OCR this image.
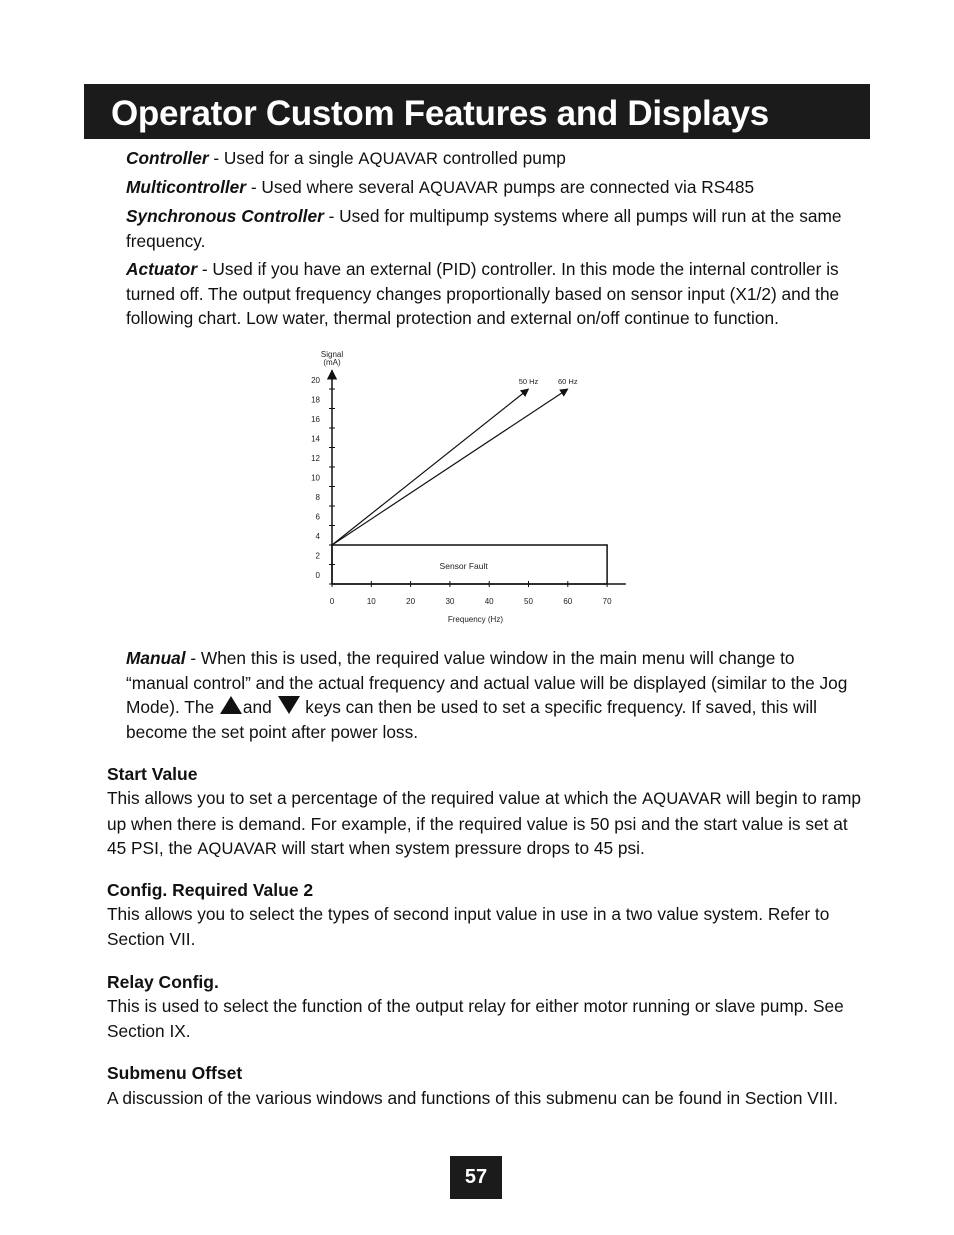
Operator Custom Features and Displays

Controller - Used for a single AQUAVAR controlled pump

Multicontroller - Used where several AQUAVAR pumps are connected via RS485

Synchronous Controller - Used for multipump systems where all pumps will run at the same frequency.

Actuator - Used if you have an external (PID) controller. In this mode the internal controller is turned off. The output frequency changes proportionally based on sensor input (X1/2) and the following chart. Low water, thermal protection and external on/off continue to function.

Signal
(mA)
0
2
4
6
8
10
12
14
16
18
20
0	10	20	30	40	50	60	70
Sensor Fault
50 Hz	60 Hz
Frequency (Hz)

Manual - When this is used, the required value window in the main menu will change to “manual control” and the actual frequency and actual value will be displayed (similar to the Jog Mode). The and  keys can then be used to set a specific frequency. If saved, this will become the set point after power loss.

Start Value

This allows you to set a percentage of the required value at which the AQUAVAR will begin to ramp up when there is demand. For example, if the required value is 50 psi and the start value is set at 45 PSI, the AQUAVAR will start when system pressure drops to 45 psi.

Config. Required Value 2

This allows you to select the types of second input value in use in a two value system. Refer to Section VII.

Relay Config.

This is used to select the function of the output relay for either motor running or slave pump. See Section IX.

Submenu Offset

A discussion of the various windows and functions of this submenu can be found in Section VIII.

57
